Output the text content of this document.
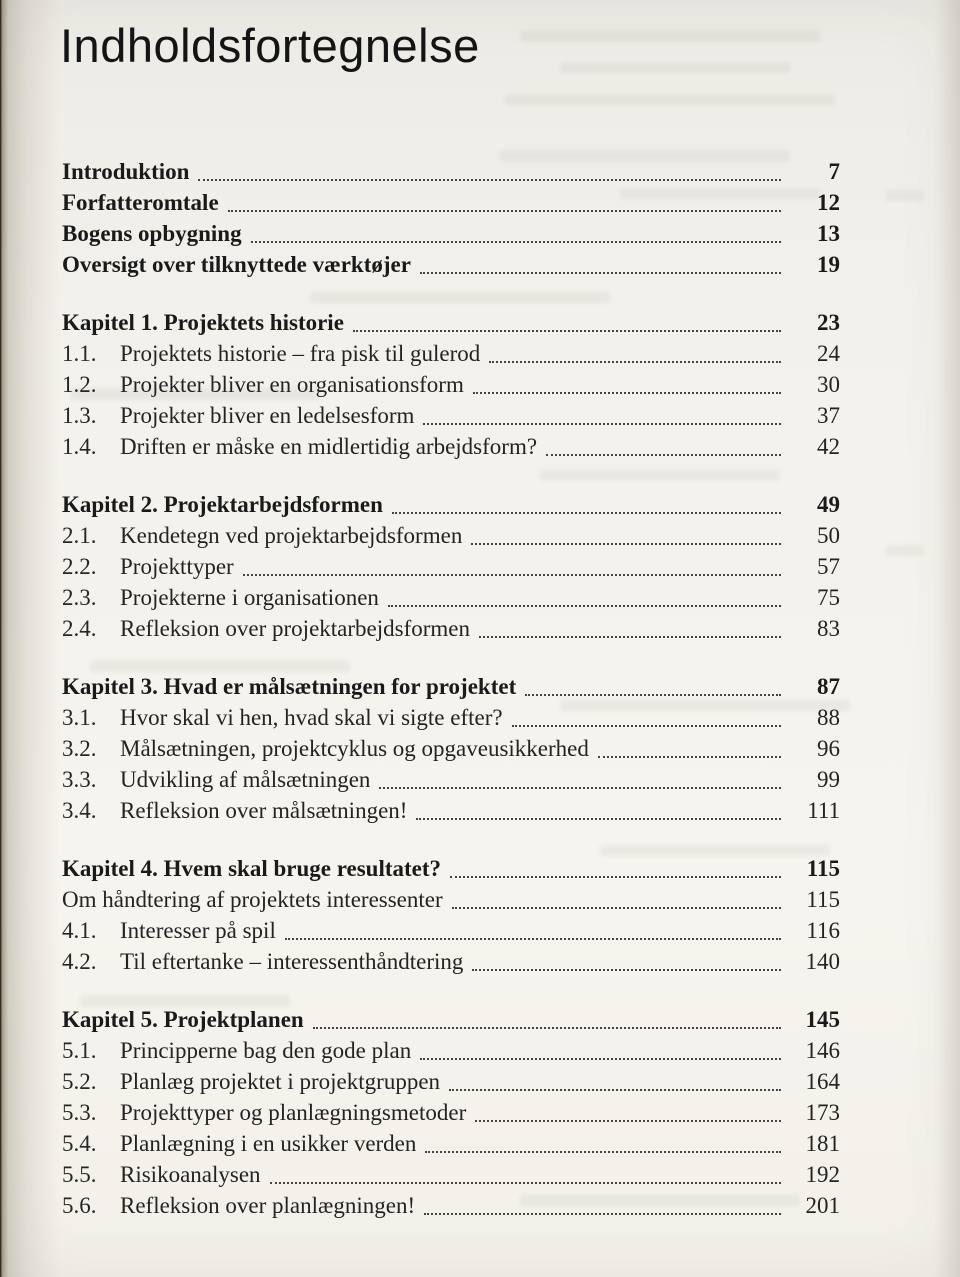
Indholdsfortegnelse
Introduktion	7
Forfatteromtale	12
Bogens opbygning	13
Oversigt over tilknyttede værktøjer	19
Kapitel 1. Projektets historie	23
1.1.	Projektets historie – fra pisk til gulerod	24
1.2.	Projekter bliver en organisationsform	30
1.3.	Projekter bliver en ledelsesform	37
1.4.	Driften er måske en midlertidig arbejdsform?	42
Kapitel 2. Projektarbejdsformen	49
2.1.	Kendetegn ved projektarbejdsformen	50
2.2.	Projekttyper	57
2.3.	Projekterne i organisationen	75
2.4.	Refleksion over projektarbejdsformen	83
Kapitel 3. Hvad er målsætningen for projektet	87
3.1.	Hvor skal vi hen, hvad skal vi sigte efter?	88
3.2.	Målsætningen, projektcyklus og opgaveusikkerhed	96
3.3.	Udvikling af målsætningen	99
3.4.	Refleksion over målsætningen!	111
Kapitel 4. Hvem skal bruge resultatet?	115
Om håndtering af projektets interessenter	115
4.1.	Interesser på spil	116
4.2.	Til eftertanke – interessenthåndtering	140
Kapitel 5. Projektplanen	145
5.1.	Principperne bag den gode plan	146
5.2.	Planlæg projektet i projektgruppen	164
5.3.	Projekttyper og planlægningsmetoder	173
5.4.	Planlægning i en usikker verden	181
5.5.	Risikoanalysen	192
5.6.	Refleksion over planlægningen!	201
